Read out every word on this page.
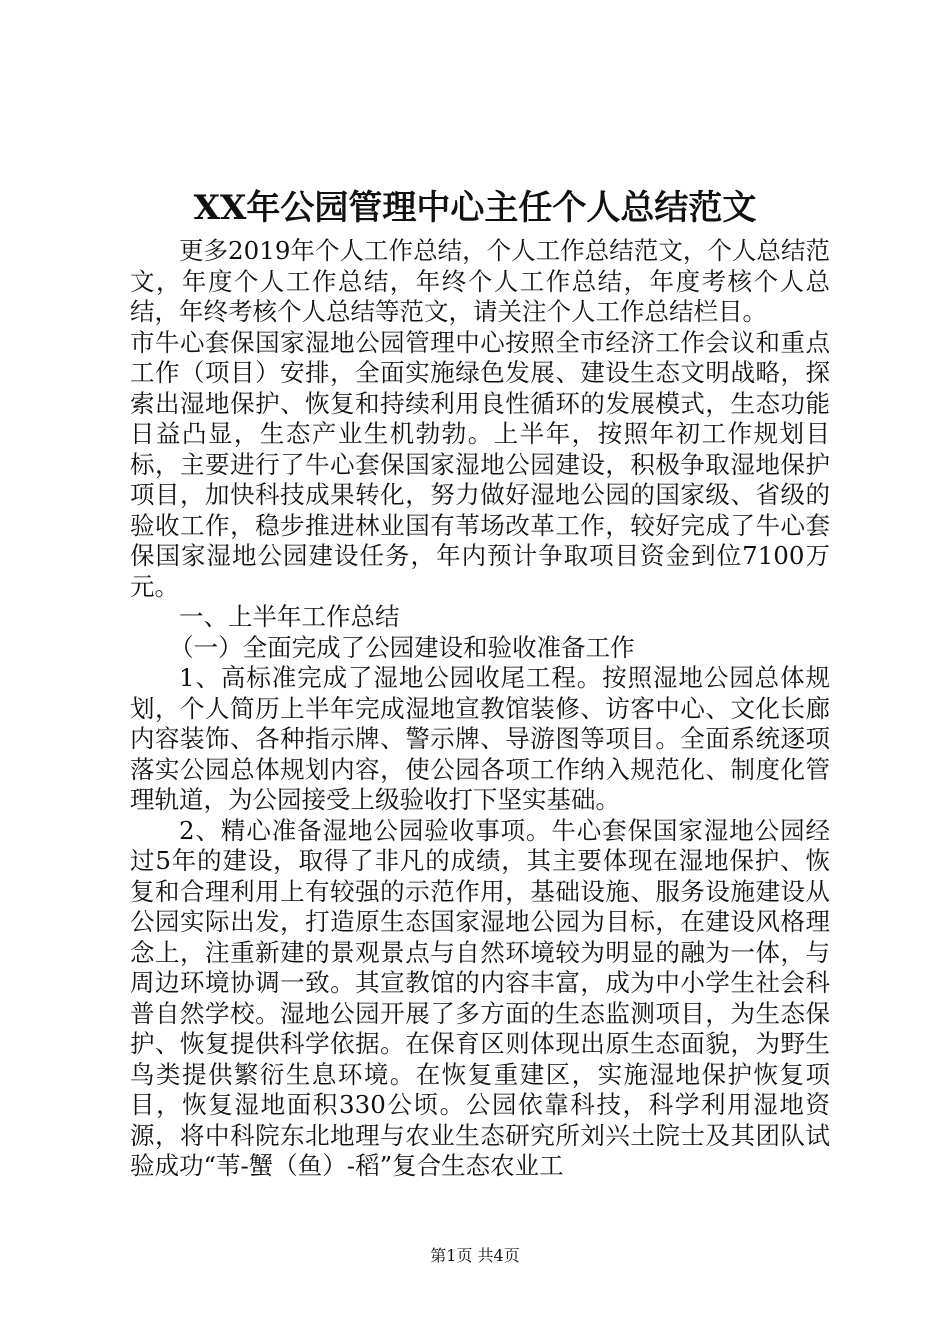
XX年公园管理中心主任个人总结范文

更多2019年个人工作总结，个人工作总结范文，个人总结范文，年度个人工作总结，年终个人工作总结，年度考核个人总结，年终考核个人总结等范文，请关注个人工作总结栏目。

市牛心套保国家湿地公园管理中心按照全市经济工作会议和重点工作（项目）安排，全面实施绿色发展、建设生态文明战略，探索出湿地保护、恢复和持续利用良性循环的发展模式，生态功能日益凸显，生态产业生机勃勃。上半年，按照年初工作规划目标，主要进行了牛心套保国家湿地公园建设，积极争取湿地保护项目，加快科技成果转化，努力做好湿地公园的国家级、省级的验收工作，稳步推进林业国有苇场改革工作，较好完成了牛心套保国家湿地公园建设任务，年内预计争取项目资金到位7100万元。

一、上半年工作总结

（一）全面完成了公园建设和验收准备工作

1、高标准完成了湿地公园收尾工程。按照湿地公园总体规划，个人简历上半年完成湿地宣教馆装修、访客中心、文化长廊内容装饰、各种指示牌、警示牌、导游图等项目。全面系统逐项落实公园总体规划内容，使公园各项工作纳入规范化、制度化管理轨道，为公园接受上级验收打下坚实基础。

2、精心准备湿地公园验收事项。牛心套保国家湿地公园经过5年的建设，取得了非凡的成绩，其主要体现在湿地保护、恢复和合理利用上有较强的示范作用，基础设施、服务设施建设从公园实际出发，打造原生态国家湿地公园为目标，在建设风格理念上，注重新建的景观景点与自然环境较为明显的融为一体，与周边环境协调一致。其宣教馆的内容丰富，成为中小学生社会科普自然学校。湿地公园开展了多方面的生态监测项目，为生态保护、恢复提供科学依据。在保育区则体现出原生态面貌，为野生鸟类提供繁衍生息环境。在恢复重建区，实施湿地保护恢复项目，恢复湿地面积330公顷。公园依靠科技，科学利用湿地资源，将中科院东北地理与农业生态研究所刘兴土院士及其团队试验成功“苇-蟹（鱼）-稻”复合生态农业工

第1页 共4页
